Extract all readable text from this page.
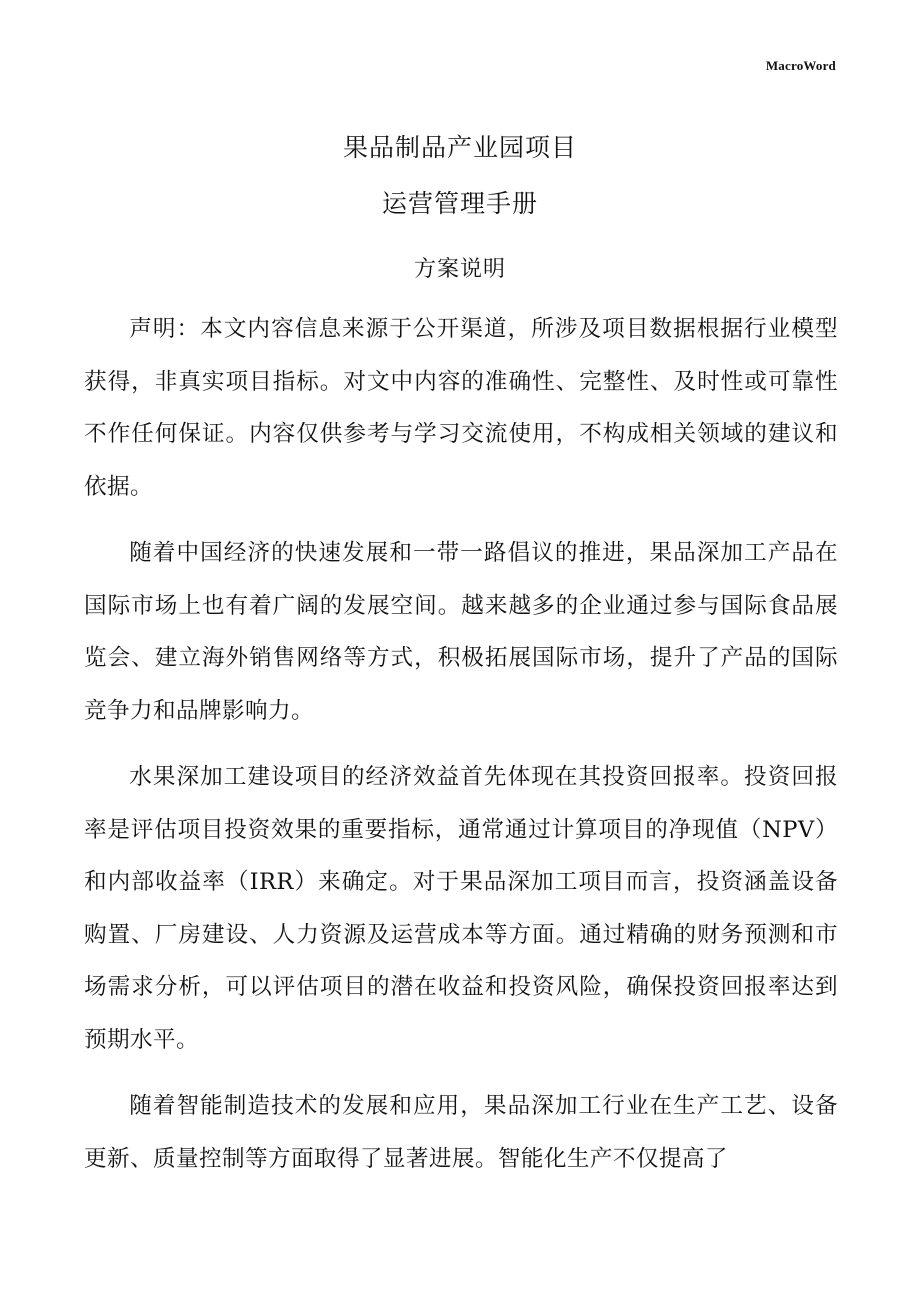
MacroWord
果品制品产业园项目
运营管理手册
方案说明

声明：本文内容信息来源于公开渠道，所涉及项目数据根据行业模型获得，非真实项目指标。对文中内容的准确性、完整性、及时性或可靠性不作任何保证。内容仅供参考与学习交流使用，不构成相关领域的建议和依据。

随着中国经济的快速发展和一带一路倡议的推进，果品深加工产品在国际市场上也有着广阔的发展空间。越来越多的企业通过参与国际食品展览会、建立海外销售网络等方式，积极拓展国际市场，提升了产品的国际竞争力和品牌影响力。

水果深加工建设项目的经济效益首先体现在其投资回报率。投资回报率是评估项目投资效果的重要指标，通常通过计算项目的净现值（NPV）和内部收益率（IRR）来确定。对于果品深加工项目而言，投资涵盖设备购置、厂房建设、人力资源及运营成本等方面。通过精确的财务预测和市场需求分析，可以评估项目的潜在收益和投资风险，确保投资回报率达到预期水平。

随着智能制造技术的发展和应用，果品深加工行业在生产工艺、设备更新、质量控制等方面取得了显著进展。智能化生产不仅提高了
